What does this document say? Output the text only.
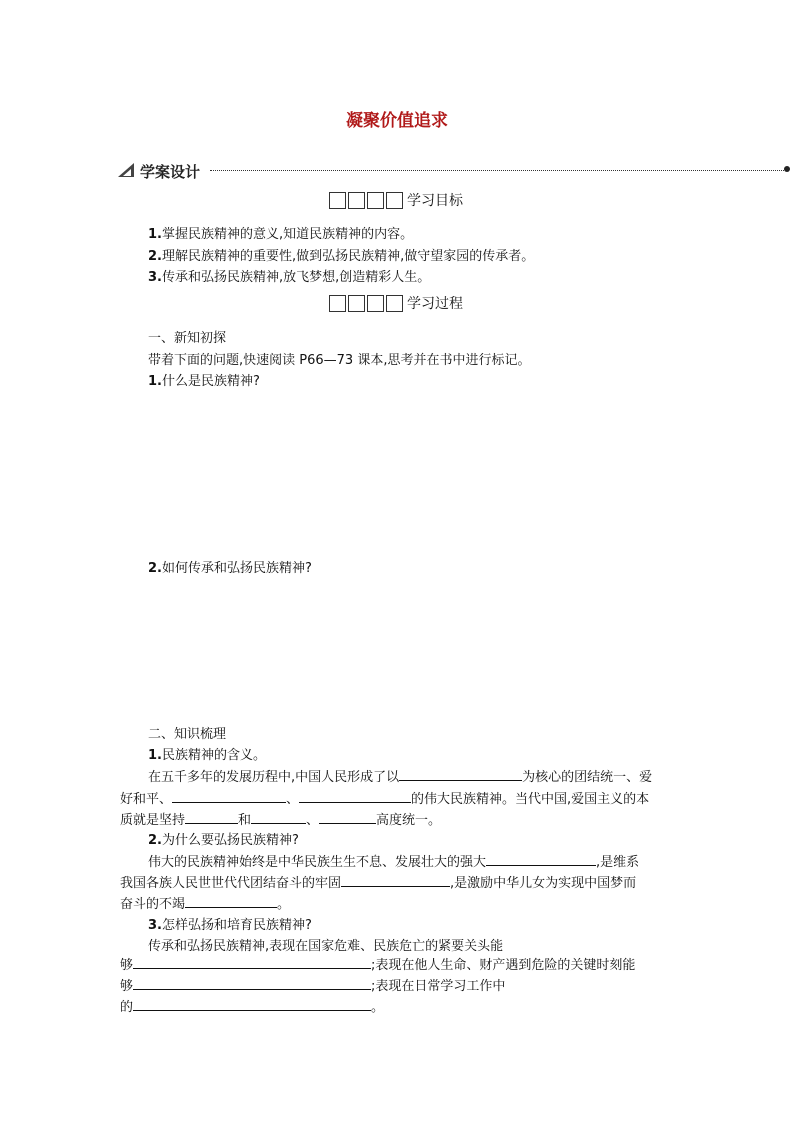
凝聚价值追求
学案设计
学习目标
1.掌握民族精神的意义,知道民族精神的内容。
2.理解民族精神的重要性,做到弘扬民族精神,做守望家园的传承者。
3.传承和弘扬民族精神,放飞梦想,创造精彩人生。
学习过程
一、新知初探
带着下面的问题,快速阅读 P66—73 课本,思考并在书中进行标记。
1.什么是民族精神?
2.如何传承和弘扬民族精神?
二、知识梳理
1.民族精神的含义。
在五千多年的发展历程中,中国人民形成了以	为核心的团结统一、爱
好和平、	、	的伟大民族精神。当代中国,爱国主义的本
质就是坚持	和	、	高度统一。
2.为什么要弘扬民族精神?
伟大的民族精神始终是中华民族生生不息、发展壮大的强大	,是维系
我国各族人民世世代代团结奋斗的牢固	,是激励中华儿女为实现中国梦而
奋斗的不竭	。
3.怎样弘扬和培育民族精神?
传承和弘扬民族精神,表现在国家危难、民族危亡的紧要关头能
够	;表现在他人生命、财产遇到危险的关键时刻能
够	;表现在日常学习工作中
的	。
